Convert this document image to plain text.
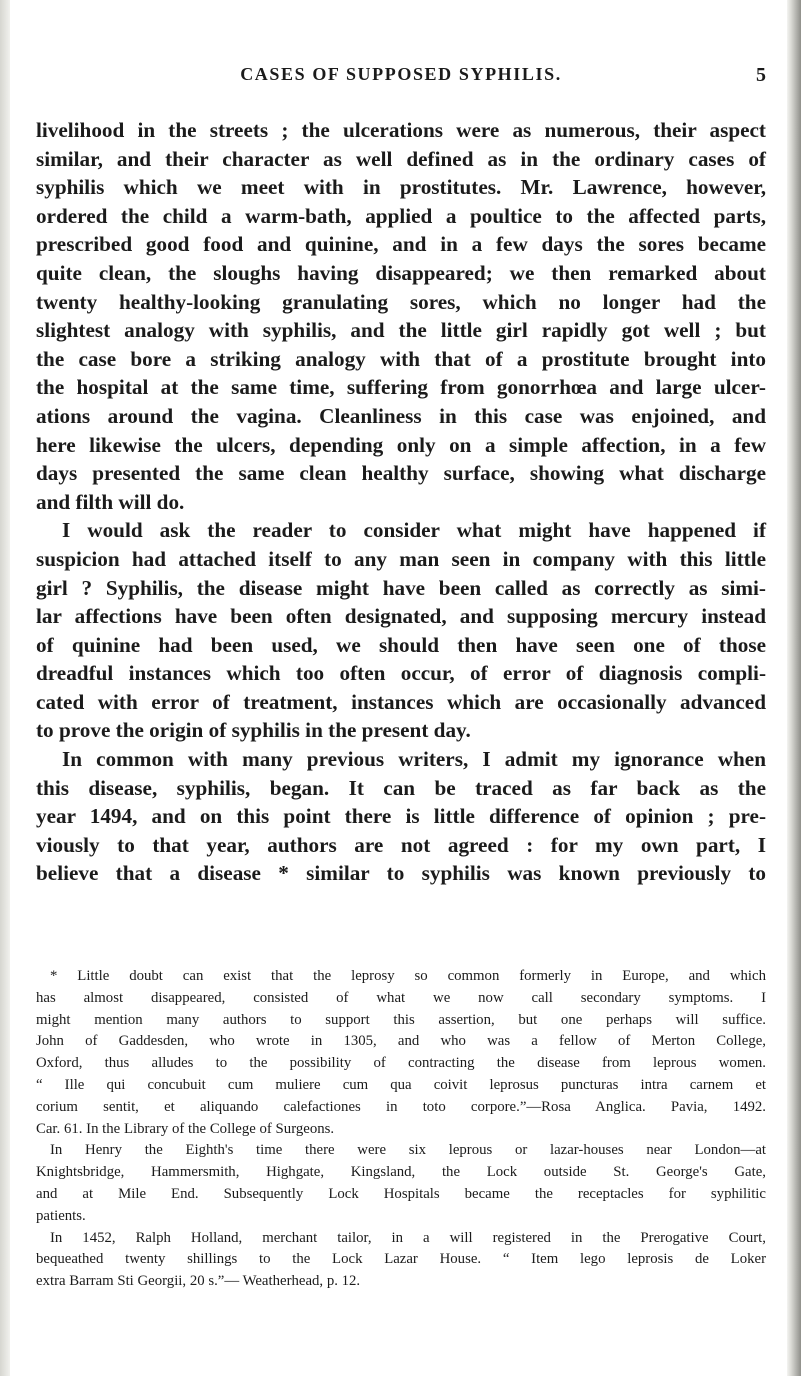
CASES OF SUPPOSED SYPHILIS.	5
livelihood in the streets ; the ulcerations were as numerous, their aspect
similar, and their character as well defined as in the ordinary cases of
syphilis which we meet with in prostitutes. Mr. Lawrence, however,
ordered the child a warm-bath, applied a poultice to the affected parts,
prescribed good food and quinine, and in a few days the sores became
quite clean, the sloughs having disappeared; we then remarked about
twenty healthy-looking granulating sores, which no longer had the
slightest analogy with syphilis, and the little girl rapidly got well ; but
the case bore a striking analogy with that of a prostitute brought into
the hospital at the same time, suffering from gonorrhœa and large ulcer-
ations around the vagina. Cleanliness in this case was enjoined, and
here likewise the ulcers, depending only on a simple affection, in a few
days presented the same clean healthy surface, showing what discharge
and filth will do.
I would ask the reader to consider what might have happened if
suspicion had attached itself to any man seen in company with this little
girl ? Syphilis, the disease might have been called as correctly as simi-
lar affections have been often designated, and supposing mercury instead
of quinine had been used, we should then have seen one of those
dreadful instances which too often occur, of error of diagnosis compli-
cated with error of treatment, instances which are occasionally advanced
to prove the origin of syphilis in the present day.
In common with many previous writers, I admit my ignorance when
this disease, syphilis, began. It can be traced as far back as the
year 1494, and on this point there is little difference of opinion ; pre-
viously to that year, authors are not agreed : for my own part, I
believe that a disease * similar to syphilis was known previously to
* Little doubt can exist that the leprosy so common formerly in Europe, and which
has almost disappeared, consisted of what we now call secondary symptoms. I
might mention many authors to support this assertion, but one perhaps will suffice.
John of Gaddesden, who wrote in 1305, and who was a fellow of Merton College,
Oxford, thus alludes to the possibility of contracting the disease from leprous women.
“ Ille qui concubuit cum muliere cum qua coivit leprosus puncturas intra carnem et
corium sentit, et aliquando calefactiones in toto corpore.”—Rosa Anglica. Pavia, 1492.
Car. 61. In the Library of the College of Surgeons.
In Henry the Eighth's time there were six leprous or lazar-houses near London—at
Knightsbridge, Hammersmith, Highgate, Kingsland, the Lock outside St. George's Gate,
and at Mile End. Subsequently Lock Hospitals became the receptacles for syphilitic
patients.
In 1452, Ralph Holland, merchant tailor, in a will registered in the Prerogative Court,
bequeathed twenty shillings to the Lock Lazar House. “ Item lego leprosis de Loker
extra Barram Sti Georgii, 20 s.”— Weatherhead, p. 12.
